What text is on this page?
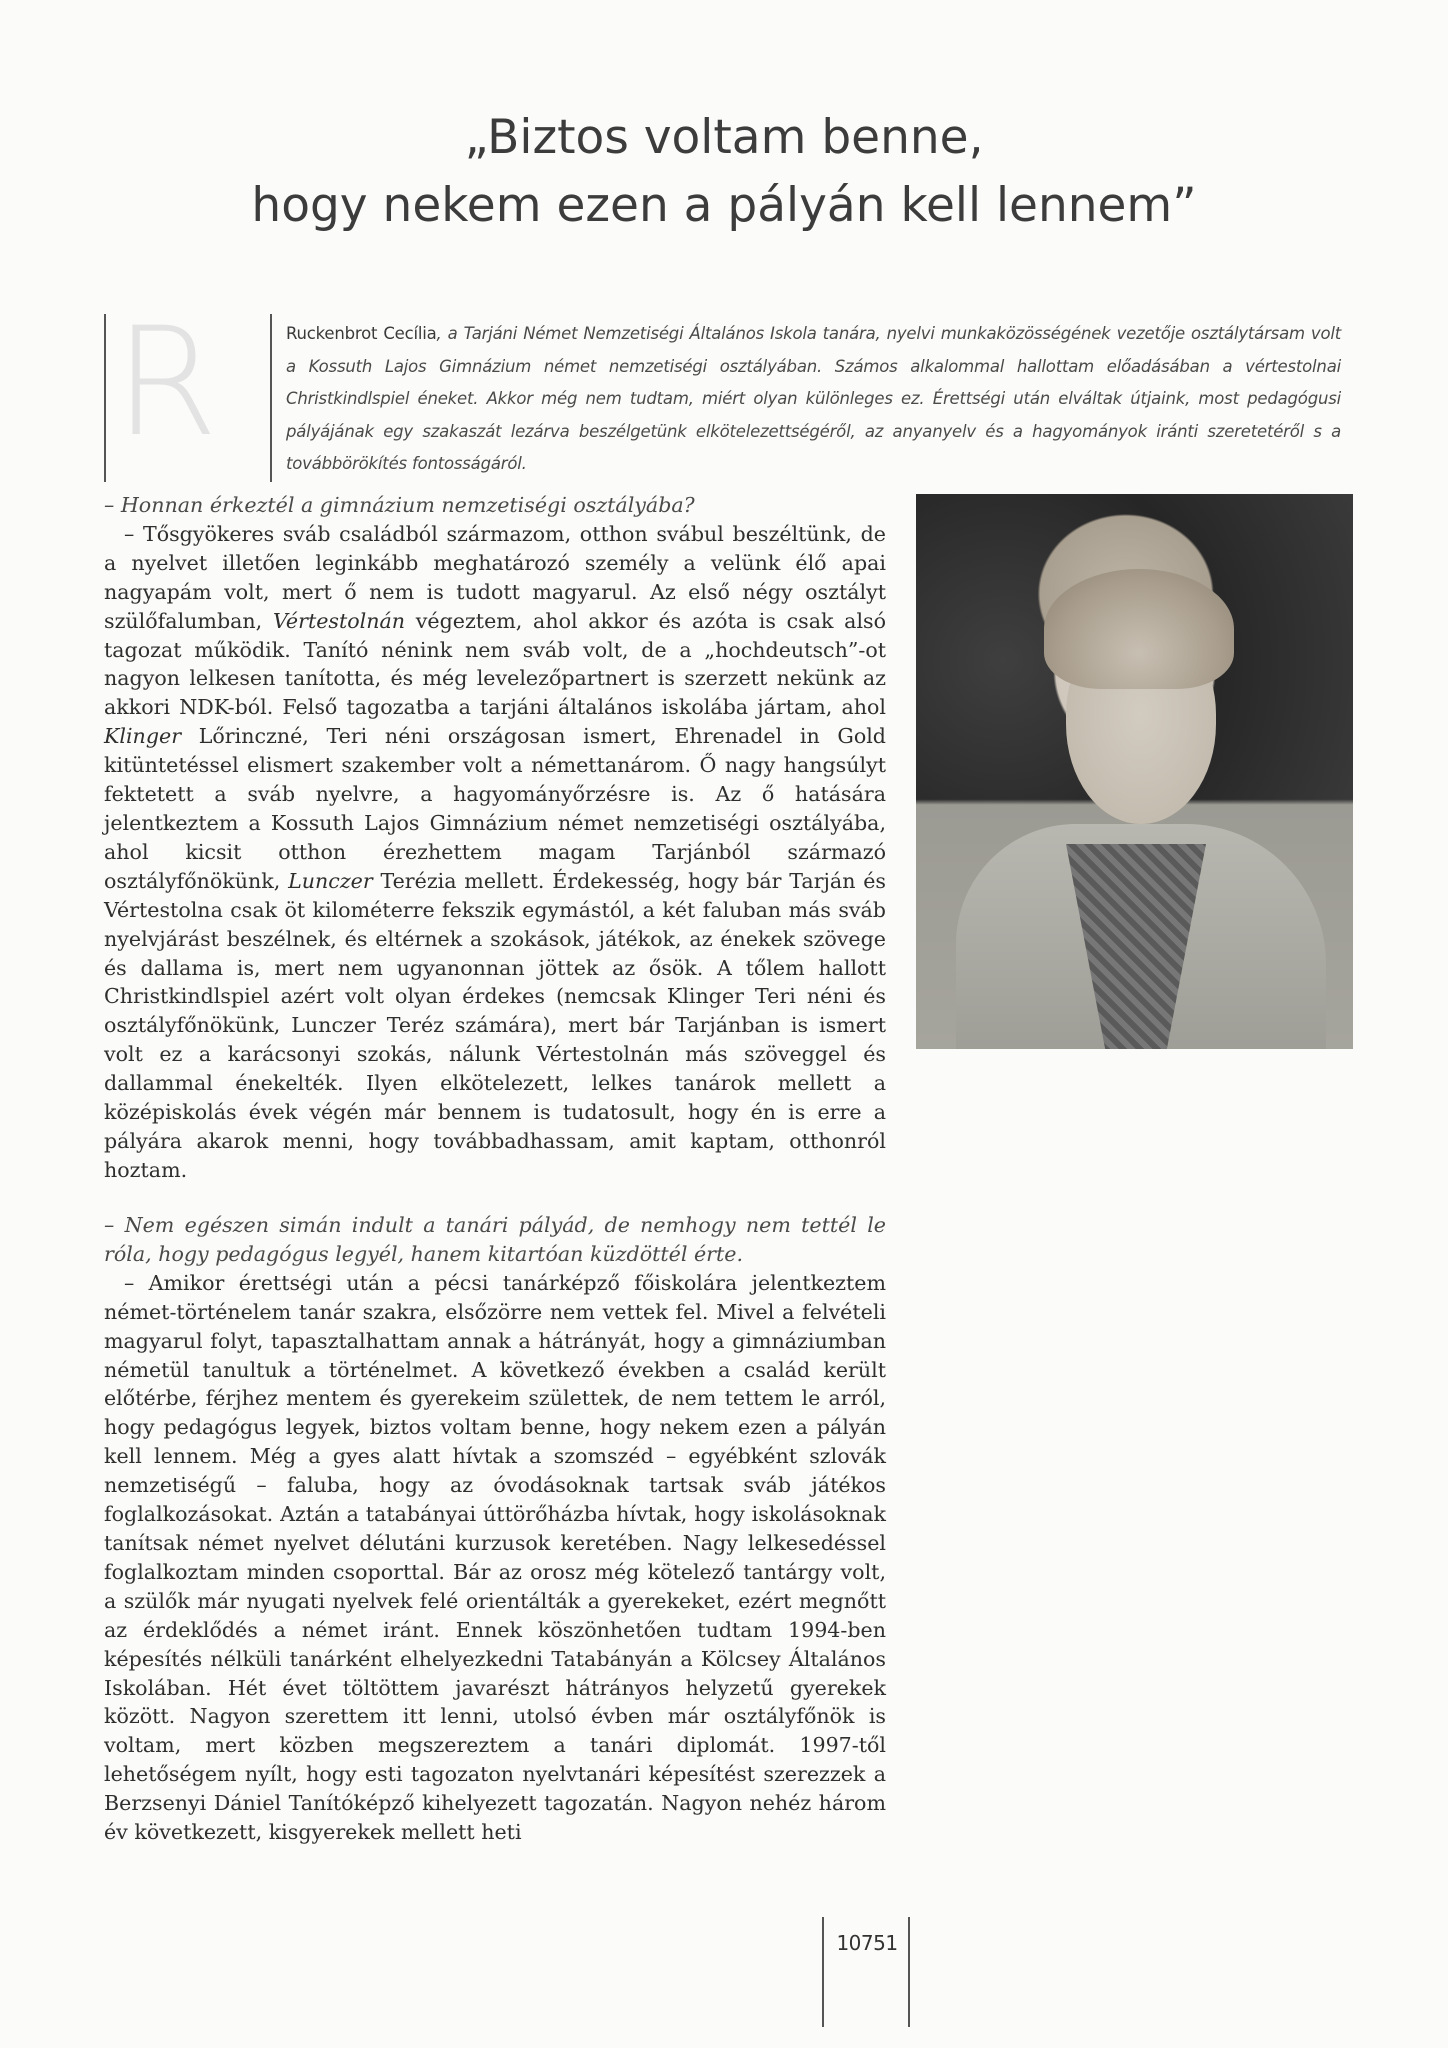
„Biztos voltam benne,
hogy nekem ezen a pályán kell lennem”
R	Ruckenbrot Cecília, a Tarjáni Német Nemzetiségi Általános Iskola tanára, nyelvi munkaközösségének vezetője osztálytársam volt a Kossuth Lajos Gimnázium német nemzetiségi osztályában. Számos alkalommal hallottam előadásában a vértestolnai Christkindlspiel éneket. Akkor még nem tudtam, miért olyan különleges ez. Érettségi után elváltak útjaink, most pedagógusi pályájának egy szakaszát lezárva beszélgetünk elkötelezettségéről, az anyanyelv és a hagyományok iránti szeretetéről s a továbbörökítés fontosságáról.

– Honnan érkeztél a gimnázium nemzetiségi osztályába?

– Tősgyökeres sváb családból származom, otthon svábul beszéltünk, de a nyelvet illetően leginkább meghatározó személy a velünk élő apai nagyapám volt, mert ő nem is tudott magyarul. Az első négy osztályt szülőfalumban, Vértestolnán végeztem, ahol akkor és azóta is csak alsó tagozat működik. Tanító nénink nem sváb volt, de a „hochdeutsch”-ot nagyon lelkesen tanította, és még levelezőpartnert is szerzett nekünk az akkori NDK-ból. Felső tagozatba a tarjáni általános iskolába jártam, ahol Klinger Lőrinczné, Teri néni országosan ismert, Ehrenadel in Gold kitüntetéssel elismert szakember volt a némettanárom. Ő nagy hangsúlyt fektetett a sváb nyelvre, a hagyományőrzésre is. Az ő hatására jelentkeztem a Kossuth Lajos Gimnázium német nemzetiségi osztályába, ahol kicsit otthon érezhettem magam Tarjánból származó osztályfőnökünk, Lunczer Terézia mellett. Érdekesség, hogy bár Tarján és Vértestolna csak öt kilométerre fekszik egymástól, a két faluban más sváb nyelvjárást beszélnek, és eltérnek a szokások, játékok, az énekek szövege és dallama is, mert nem ugyanonnan jöttek az ősök. A tőlem hallott Christkindlspiel azért volt olyan érdekes (nemcsak Klinger Teri néni és osztályfőnökünk, Lunczer Teréz számára), mert bár Tarjánban is ismert volt ez a karácsonyi szokás, nálunk Vértestolnán más szöveggel és dallammal énekelték. Ilyen elkötelezett, lelkes tanárok mellett a középiskolás évek végén már bennem is tudatosult, hogy én is erre a pályára akarok menni, hogy továbbadhassam, amit kaptam, otthonról hoztam.

– Nem egészen simán indult a tanári pályád, de nemhogy nem tettél le róla, hogy pedagógus legyél, hanem kitartóan küzdöttél érte.

– Amikor érettségi után a pécsi tanárképző főiskolára jelentkeztem német-történelem tanár szakra, elsőzörre nem vettek fel. Mivel a felvételi magyarul folyt, tapasztalhattam annak a hátrányát, hogy a gimnáziumban németül tanultuk a történelmet. A következő években a család került előtérbe, férjhez mentem és gyerekeim születtek, de nem tettem le arról, hogy pedagógus legyek, biztos voltam benne, hogy nekem ezen a pályán kell lennem. Még a gyes alatt hívtak a szomszéd – egyébként szlovák nemzetiségű – faluba, hogy az óvodásoknak tartsak sváb játékos foglalkozásokat. Aztán a tatabányai úttörőházba hívtak, hogy iskolásoknak tanítsak német nyelvet délutáni kurzusok keretében. Nagy lelkesedéssel foglalkoztam minden csoporttal. Bár az orosz még kötelező tantárgy volt, a szülők már nyugati nyelvek felé orientálták a gyerekeket, ezért megnőtt az érdeklődés a német iránt. Ennek köszönhetően tudtam 1994-ben képesítés nélküli tanárként elhelyezkedni Tatabányán a Kölcsey Általános Iskolában. Hét évet töltöttem javarészt hátrányos helyzetű gyerekek között. Nagyon szerettem itt lenni, utolsó évben már osztályfőnök is voltam, mert közben megszereztem a tanári diplomát. 1997-től lehetőségem nyílt, hogy esti tagozaton nyelvtanári képesítést szerezzek a Berzsenyi Dániel Tanítóképző kihelyezett tagozatán. Nagyon nehéz három év következett, kisgyerekek mellett heti

10751
